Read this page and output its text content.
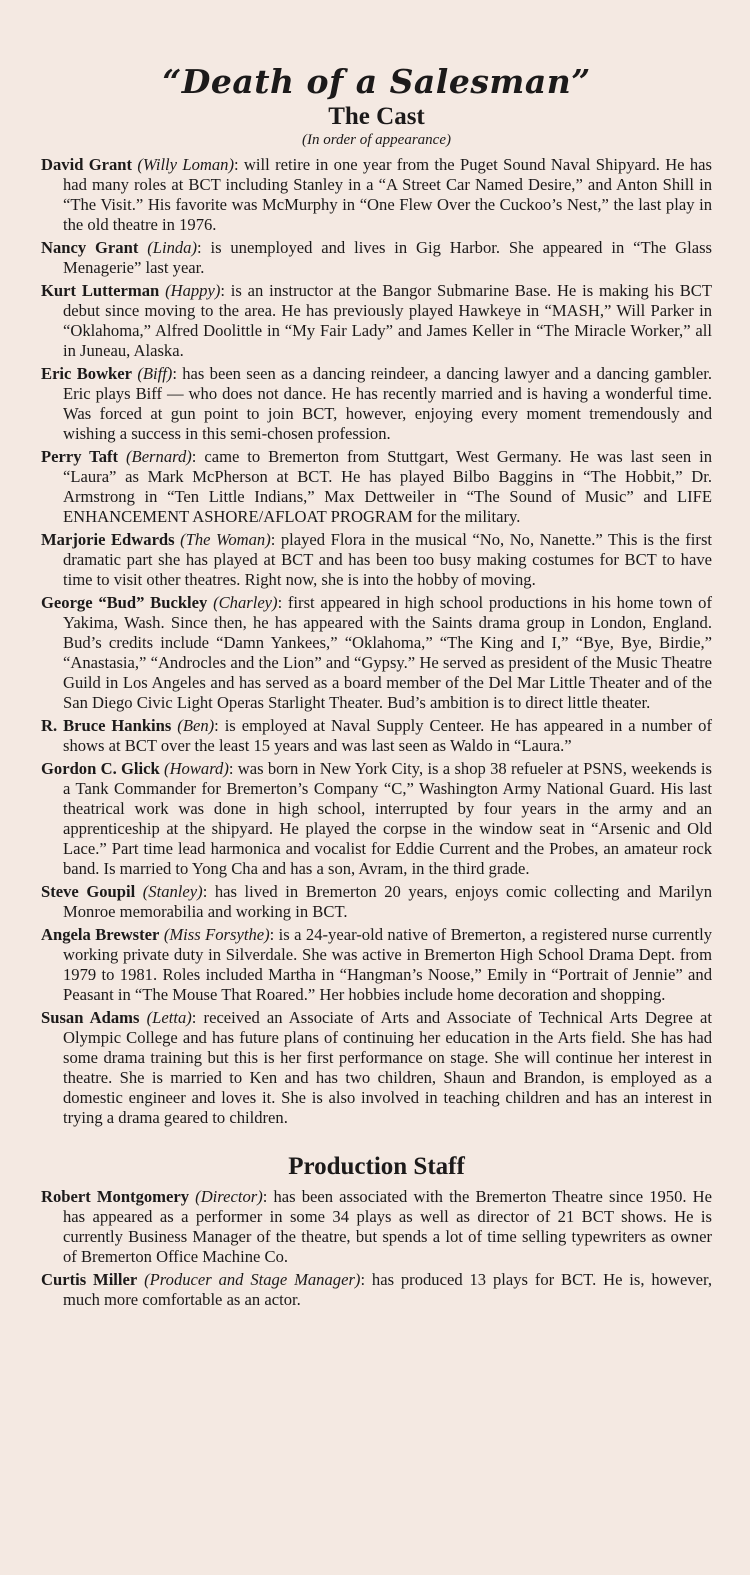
“Death of a Salesman”
The Cast

(In order of appearance)

David Grant (Willy Loman): will retire in one year from the Puget Sound Naval Shipyard. He has had many roles at BCT including Stanley in a “A Street Car Named Desire,” and Anton Shill in “The Visit.” His favorite was McMurphy in “One Flew Over the Cuckoo’s Nest,” the last play in the old theatre in 1976.

Nancy Grant (Linda): is unemployed and lives in Gig Harbor. She appeared in “The Glass Menagerie” last year.

Kurt Lutterman (Happy): is an instructor at the Bangor Submarine Base. He is making his BCT debut since moving to the area. He has previously played Hawkeye in “MASH,” Will Parker in “Oklahoma,” Alfred Doolittle in “My Fair Lady” and James Keller in “The Miracle Worker,” all in Juneau, Alaska.

Eric Bowker (Biff): has been seen as a dancing reindeer, a dancing lawyer and a dancing gambler. Eric plays Biff — who does not dance. He has recently married and is having a wonderful time. Was forced at gun point to join BCT, however, enjoying every moment tremendously and wishing a success in this semi-chosen profession.

Perry Taft (Bernard): came to Bremerton from Stuttgart, West Germany. He was last seen in “Laura” as Mark McPherson at BCT. He has played Bilbo Baggins in “The Hobbit,” Dr. Armstrong in “Ten Little Indians,” Max Dettweiler in “The Sound of Music” and LIFE ENHANCEMENT ASHORE/AFLOAT PROGRAM for the military.

Marjorie Edwards (The Woman): played Flora in the musical “No, No, Nanette.” This is the first dramatic part she has played at BCT and has been too busy making costumes for BCT to have time to visit other theatres. Right now, she is into the hobby of moving.

George “Bud” Buckley (Charley): first appeared in high school productions in his home town of Yakima, Wash. Since then, he has appeared with the Saints drama group in London, England. Bud’s credits include “Damn Yankees,” “Oklahoma,” “The King and I,” “Bye, Bye, Birdie,” “Anastasia,” “Androcles and the Lion” and “Gypsy.” He served as president of the Music Theatre Guild in Los Angeles and has served as a board member of the Del Mar Little Theater and of the San Diego Civic Light Operas Starlight Theater. Bud’s ambition is to direct little theater.

R. Bruce Hankins (Ben): is employed at Naval Supply Centeer. He has appeared in a number of shows at BCT over the least 15 years and was last seen as Waldo in “Laura.”

Gordon C. Glick (Howard): was born in New York City, is a shop 38 refueler at PSNS, weekends is a Tank Commander for Bremerton’s Company “C,” Washington Army National Guard. His last theatrical work was done in high school, interrupted by four years in the army and an apprenticeship at the shipyard. He played the corpse in the window seat in “Arsenic and Old Lace.” Part time lead harmonica and vocalist for Eddie Current and the Probes, an amateur rock band. Is married to Yong Cha and has a son, Avram, in the third grade.

Steve Goupil (Stanley): has lived in Bremerton 20 years, enjoys comic collecting and Marilyn Monroe memorabilia and working in BCT.

Angela Brewster (Miss Forsythe): is a 24-year-old native of Bremerton, a registered nurse currently working private duty in Silverdale. She was active in Bremerton High School Drama Dept. from 1979 to 1981. Roles included Martha in “Hangman’s Noose,” Emily in “Portrait of Jennie” and Peasant in “The Mouse That Roared.” Her hobbies include home decoration and shopping.

Susan Adams (Letta): received an Associate of Arts and Associate of Technical Arts Degree at Olympic College and has future plans of continuing her education in the Arts field. She has had some drama training but this is her first performance on stage. She will continue her interest in theatre. She is married to Ken and has two children, Shaun and Brandon, is employed as a domestic engineer and loves it. She is also involved in teaching children and has an interest in trying a drama geared to children.

Production Staff

Robert Montgomery (Director): has been associated with the Bremerton Theatre since 1950. He has appeared as a performer in some 34 plays as well as director of 21 BCT shows. He is currently Business Manager of the theatre, but spends a lot of time selling typewriters as owner of Bremerton Office Machine Co.

Curtis Miller (Producer and Stage Manager): has produced 13 plays for BCT. He is, however, much more comfortable as an actor.
